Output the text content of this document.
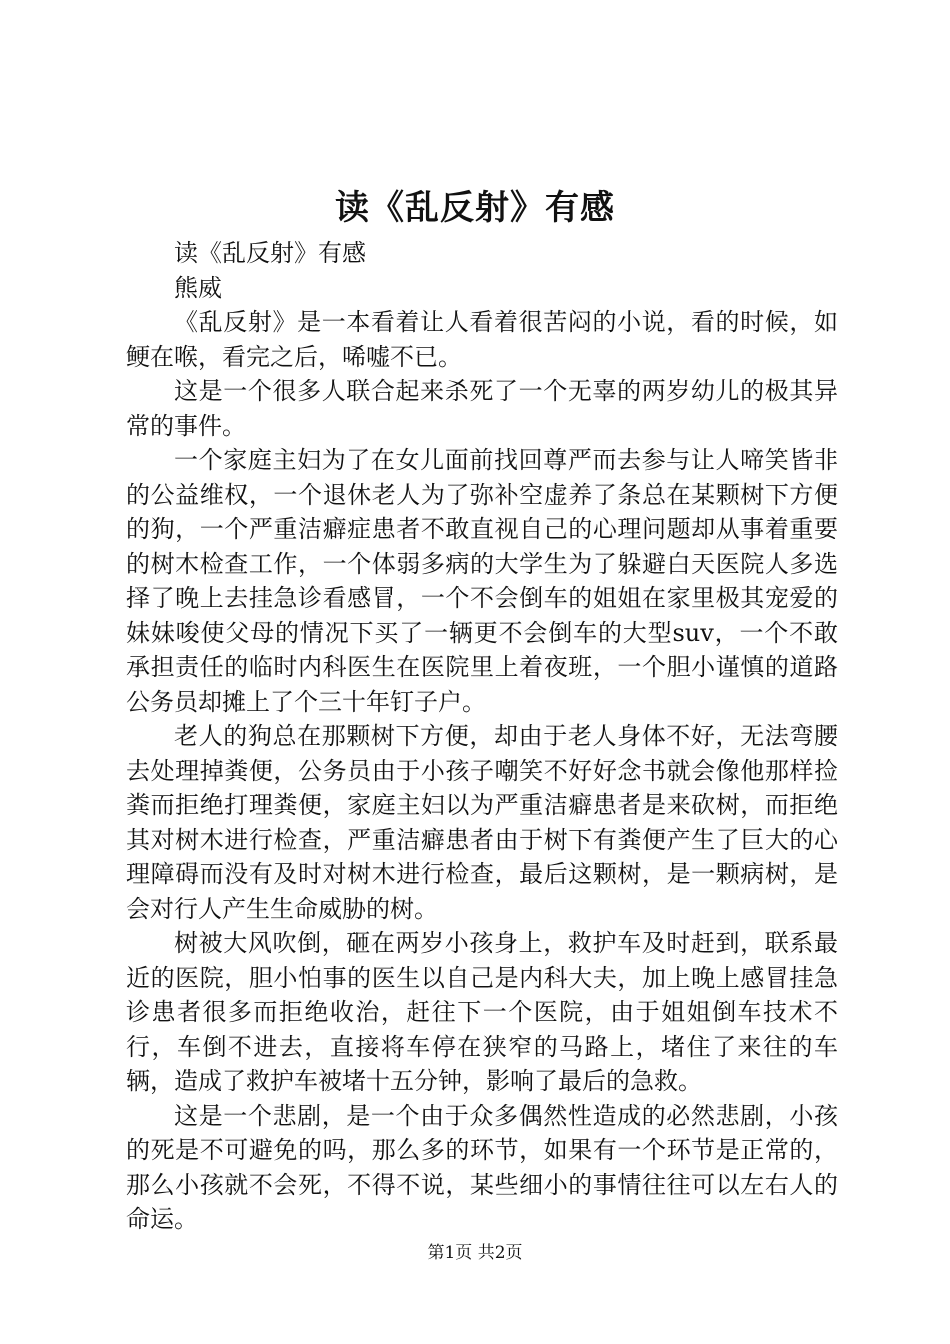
读《乱反射》有感

读《乱反射》有感

熊威

《乱反射》是一本看着让人看着很苦闷的小说，看的时候，如鲠在喉，看完之后，唏嘘不已。

这是一个很多人联合起来杀死了一个无辜的两岁幼儿的极其异常的事件。

一个家庭主妇为了在女儿面前找回尊严而去参与让人啼笑皆非的公益维权，一个退休老人为了弥补空虚养了条总在某颗树下方便的狗，一个严重洁癖症患者不敢直视自己的心理问题却从事着重要的树木检查工作，一个体弱多病的大学生为了躲避白天医院人多选择了晚上去挂急诊看感冒，一个不会倒车的姐姐在家里极其宠爱的妹妹唆使父母的情况下买了一辆更不会倒车的大型suv，一个不敢承担责任的临时内科医生在医院里上着夜班，一个胆小谨慎的道路公务员却摊上了个三十年钉子户。

老人的狗总在那颗树下方便，却由于老人身体不好，无法弯腰去处理掉粪便，公务员由于小孩子嘲笑不好好念书就会像他那样捡粪而拒绝打理粪便，家庭主妇以为严重洁癖患者是来砍树，而拒绝其对树木进行检查，严重洁癖患者由于树下有粪便产生了巨大的心理障碍而没有及时对树木进行检查，最后这颗树，是一颗病树，是会对行人产生生命威胁的树。

树被大风吹倒，砸在两岁小孩身上，救护车及时赶到，联系最近的医院，胆小怕事的医生以自己是内科大夫，加上晚上感冒挂急诊患者很多而拒绝收治，赶往下一个医院，由于姐姐倒车技术不行，车倒不进去，直接将车停在狭窄的马路上，堵住了来往的车辆，造成了救护车被堵十五分钟，影响了最后的急救。

这是一个悲剧，是一个由于众多偶然性造成的必然悲剧，小孩的死是不可避免的吗，那么多的环节，如果有一个环节是正常的，那么小孩就不会死，不得不说，某些细小的事情往往可以左右人的命运。

第1页 共2页
